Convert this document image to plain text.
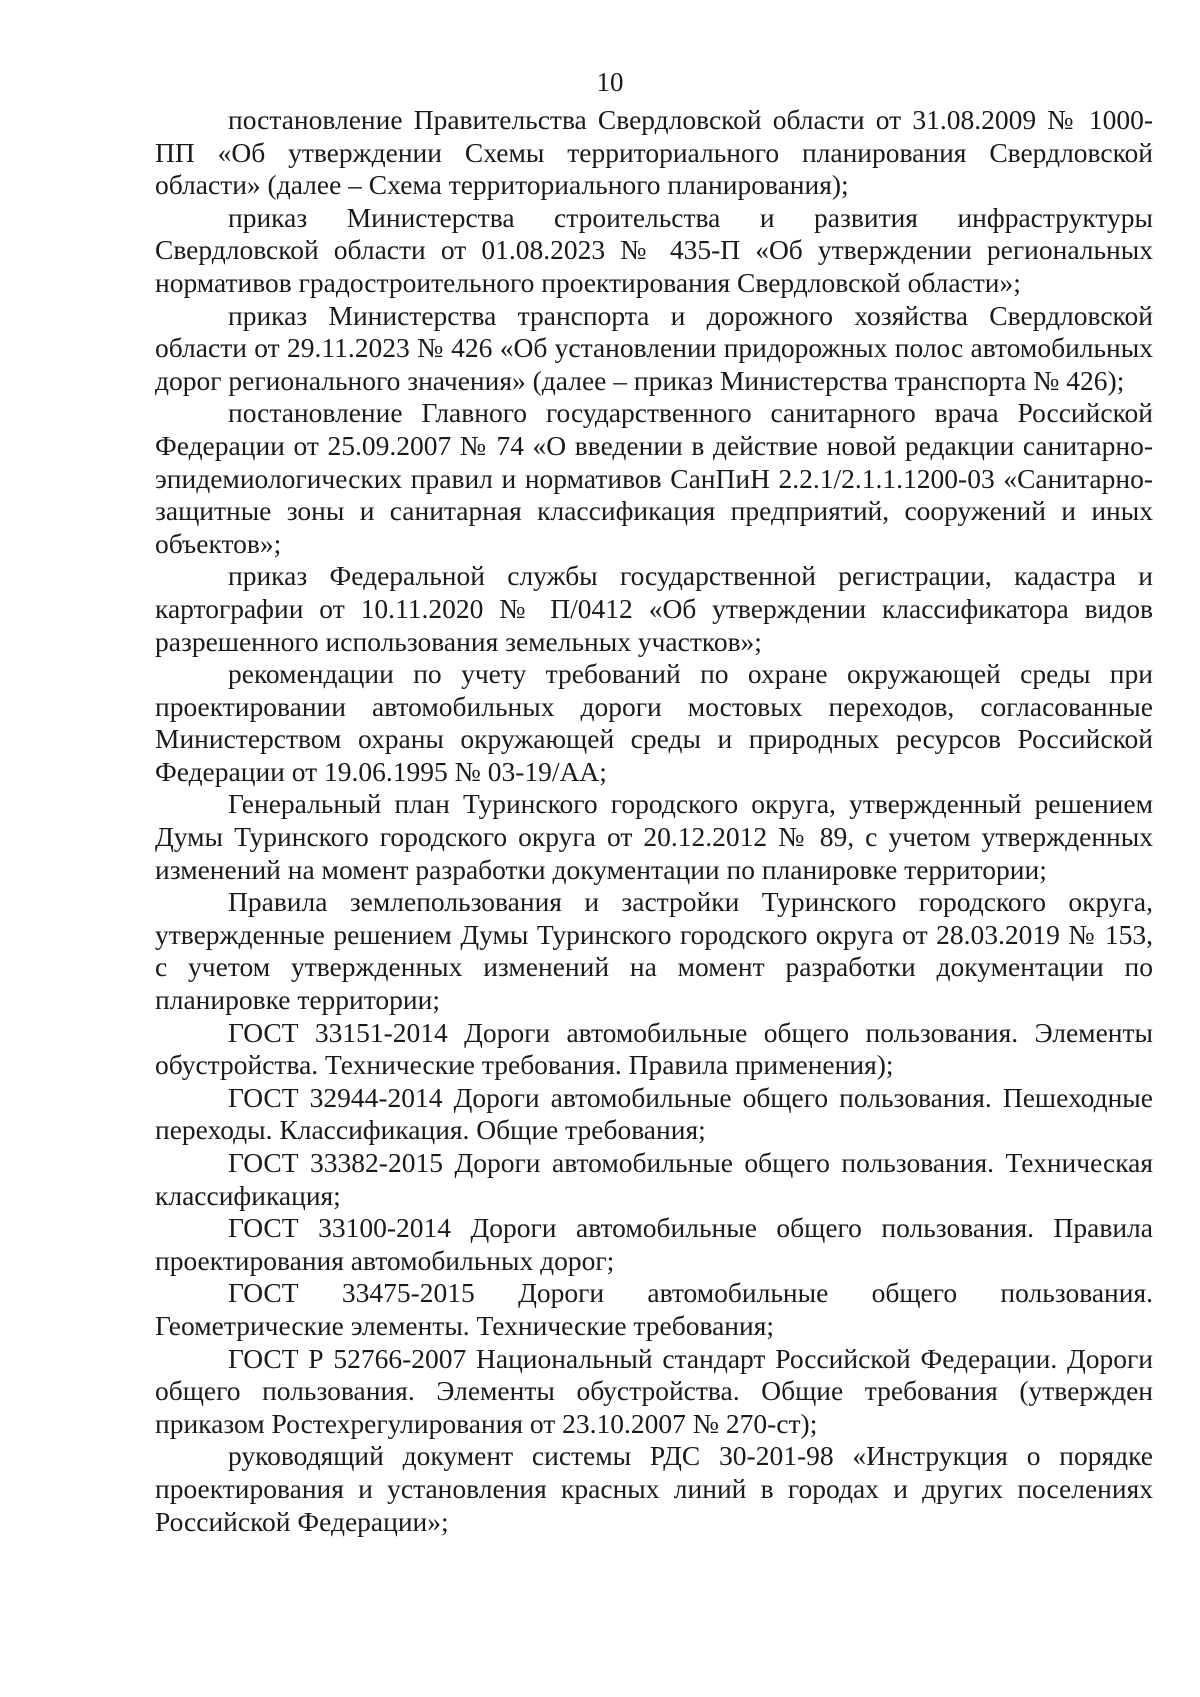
10

постановление Правительства Свердловской области от 31.08.2009 № 1000-ПП «Об утверждении Схемы территориального планирования Свердловской области» (далее – Схема территориального планирования);

приказ Министерства строительства и развития инфраструктуры Свердловской области от 01.08.2023 № 435-П «Об утверждении региональных нормативов градостроительного проектирования Свердловской области»;

приказ Министерства транспорта и дорожного хозяйства Свердловской области от 29.11.2023 № 426 «Об установлении придорожных полос автомобильных дорог регионального значения» (далее – приказ Министерства транспорта № 426);

постановление Главного государственного санитарного врача Российской Федерации от 25.09.2007 № 74 «О введении в действие новой редакции санитарно-эпидемиологических правил и нормативов СанПиН 2.2.1/2.1.1.1200-03 «Санитарно-защитные зоны и санитарная классификация предприятий, сооружений и иных объектов»;

приказ Федеральной службы государственной регистрации, кадастра и картографии от 10.11.2020 № П/0412 «Об утверждении классификатора видов разрешенного использования земельных участков»;

рекомендации по учету требований по охране окружающей среды при проектировании автомобильных дороги мостовых переходов, согласованные Министерством охраны окружающей среды и природных ресурсов Российской Федерации от 19.06.1995 № 03-19/АА;

Генеральный план Туринского городского округа, утвержденный решением Думы Туринского городского округа от 20.12.2012 № 89, с учетом утвержденных изменений на момент разработки документации по планировке территории;

Правила землепользования и застройки Туринского городского округа, утвержденные решением Думы Туринского городского округа от 28.03.2019 № 153, с учетом утвержденных изменений на момент разработки документации по планировке территории;

ГОСТ 33151-2014 Дороги автомобильные общего пользования. Элементы обустройства. Технические требования. Правила применения);

ГОСТ 32944-2014 Дороги автомобильные общего пользования. Пешеходные переходы. Классификация. Общие требования;

ГОСТ 33382-2015 Дороги автомобильные общего пользования. Техническая классификация;

ГОСТ 33100-2014 Дороги автомобильные общего пользования. Правила проектирования автомобильных дорог;

ГОСТ 33475-2015 Дороги автомобильные общего пользования. Геометрические элементы. Технические требования;

ГОСТ Р 52766-2007 Национальный стандарт Российской Федерации. Дороги общего пользования. Элементы обустройства. Общие требования (утвержден приказом Ростехрегулирования от 23.10.2007 № 270-ст);

руководящий документ системы РДС 30-201-98 «Инструкция о порядке проектирования и установления красных линий в городах и других поселениях Российской Федерации»;
